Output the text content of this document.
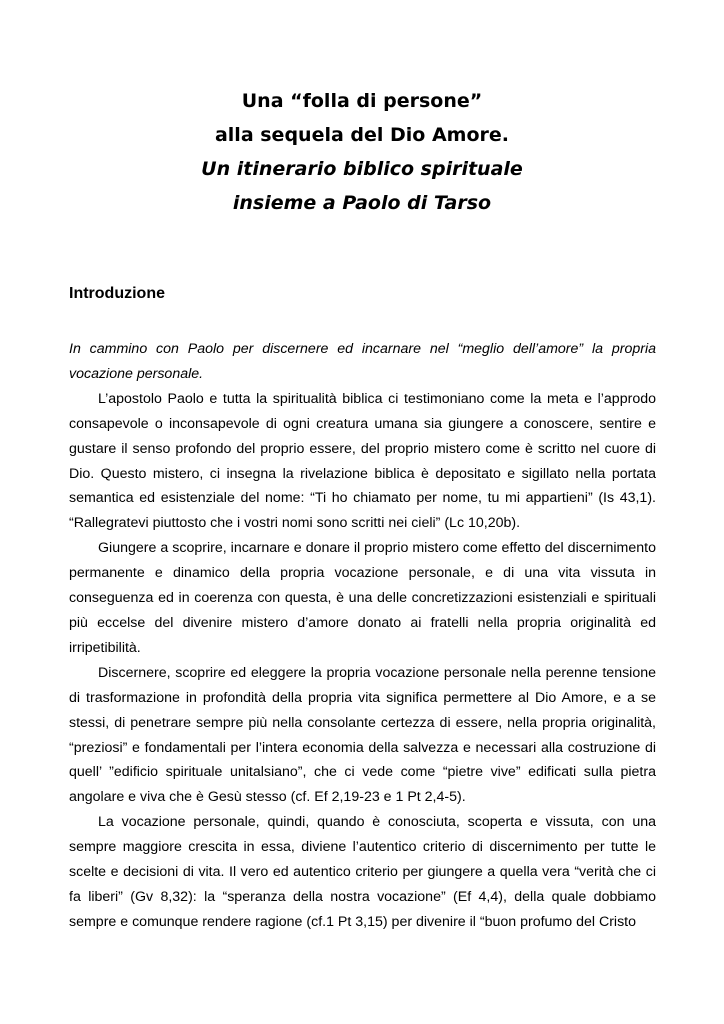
Una “folla di persone”
alla sequela del Dio Amore.
Un itinerario biblico spirituale
insieme a Paolo di Tarso
Introduzione

In cammino con Paolo per discernere ed incarnare nel “meglio dell’amore” la propria vocazione personale.

L’apostolo Paolo e tutta la spiritualità biblica ci testimoniano come la meta e l’approdo consapevole o inconsapevole di ogni creatura umana sia giungere a conoscere, sentire e gustare il senso profondo del proprio essere, del proprio mistero come è scritto nel cuore di Dio. Questo mistero, ci insegna la rivelazione biblica è depositato e sigillato nella portata semantica ed esistenziale del nome: “Ti ho chiamato per nome, tu mi appartieni” (Is 43,1). “Rallegratevi piuttosto che i vostri nomi sono scritti nei cieli” (Lc 10,20b).

Giungere a scoprire, incarnare e donare il proprio mistero come effetto del discernimento permanente e dinamico della propria vocazione personale, e di una vita vissuta in conseguenza ed in coerenza con questa, è una delle concretizzazioni esistenziali e spirituali più eccelse del divenire mistero d’amore donato ai fratelli nella propria originalità ed irripetibilità.

Discernere, scoprire ed eleggere la propria vocazione personale nella perenne tensione di trasformazione in profondità della propria vita significa permettere al Dio Amore, e a se stessi, di penetrare sempre più nella consolante certezza di essere, nella propria originalità, “preziosi” e fondamentali per l’intera economia della salvezza e necessari alla costruzione di quell’ ”edificio spirituale unitalsiano”, che ci vede come “pietre vive” edificati sulla pietra angolare e viva che è Gesù stesso (cf. Ef 2,19-23 e 1 Pt 2,4-5).

La vocazione personale, quindi, quando è conosciuta, scoperta e vissuta, con una sempre maggiore crescita in essa, diviene l’autentico criterio di discernimento per tutte le scelte e decisioni di vita. Il vero ed autentico criterio per giungere a quella vera “verità che ci fa liberi” (Gv 8,32): la “speranza della nostra vocazione” (Ef 4,4), della quale dobbiamo sempre e comunque rendere ragione (cf.1 Pt 3,15) per divenire il “buon profumo del Cristo
